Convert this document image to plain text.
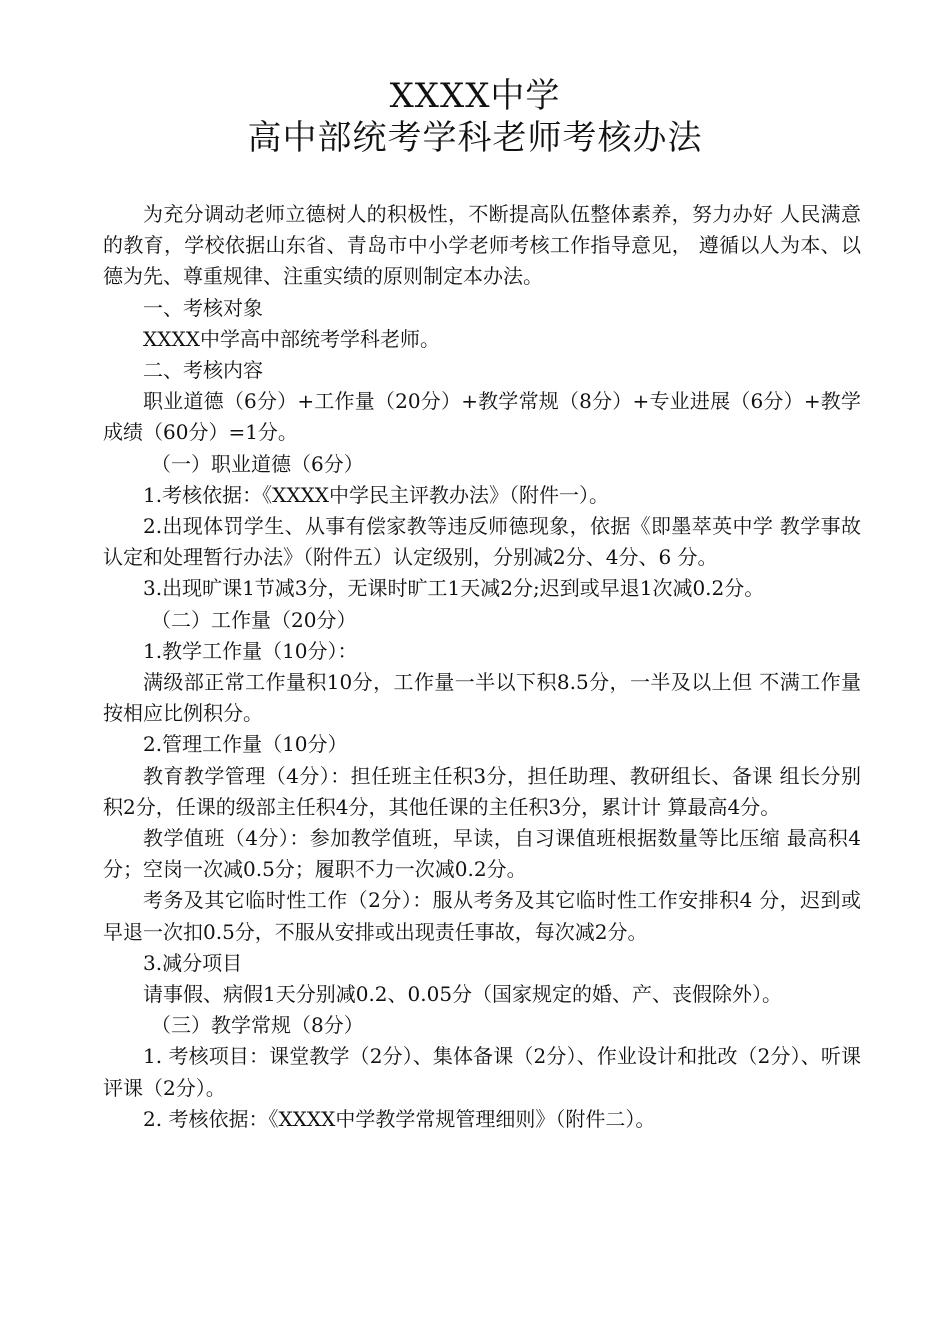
XXXX中学
高中部统考学科老师考核办法

为充分调动老师立德树人的积极性，不断提高队伍整体素养，努力办好 人民满意的教育，学校依据山东省、青岛市中小学老师考核工作指导意见， 遵循以人为本、以德为先、尊重规律、注重实绩的原则制定本办法。

一、考核对象

XXXX中学高中部统考学科老师。

二、考核内容

职业道德（6分）+工作量（20分）+教学常规（8分）+专业进展（6分）+教学成绩（60分）=1分。

（一）职业道德（6分）

1.考核依据：《XXXX中学民主评教办法》（附件一）。

2.出现体罚学生、从事有偿家教等违反师德现象，依据《即墨萃英中学 教学事故认定和处理暂行办法》（附件五）认定级别，分别减2分、4分、6 分。

3.出现旷课1节减3分，无课时旷工1天减2分;迟到或早退1次减0.2分。

（二）工作量（20分）

1.教学工作量（10分）：

满级部正常工作量积10分，工作量一半以下积8.5分，一半及以上但 不满工作量按相应比例积分。

2.管理工作量（10分）

教育教学管理（4分）：担任班主任积3分，担任助理、教研组长、备课 组长分别积2分，任课的级部主任积4分，其他任课的主任积3分，累计计 算最高4分。

教学值班（4分）：参加教学值班，早读，自习课值班根据数量等比压缩 最高积4分；空岗一次减0.5分；履职不力一次减0.2分。

考务及其它临时性工作（2分）：服从考务及其它临时性工作安排积4 分，迟到或早退一次扣0.5分，不服从安排或出现责任事故，每次减2分。

3.减分项目

请事假、病假1天分别减0.2、0.05分（国家规定的婚、产、丧假除外）。

（三）教学常规（8分）

1. 考核项目：课堂教学（2分）、集体备课（2分）、作业设计和批改（2分）、听课评课（2分）。

2. 考核依据：《XXXX中学教学常规管理细则》（附件二）。
